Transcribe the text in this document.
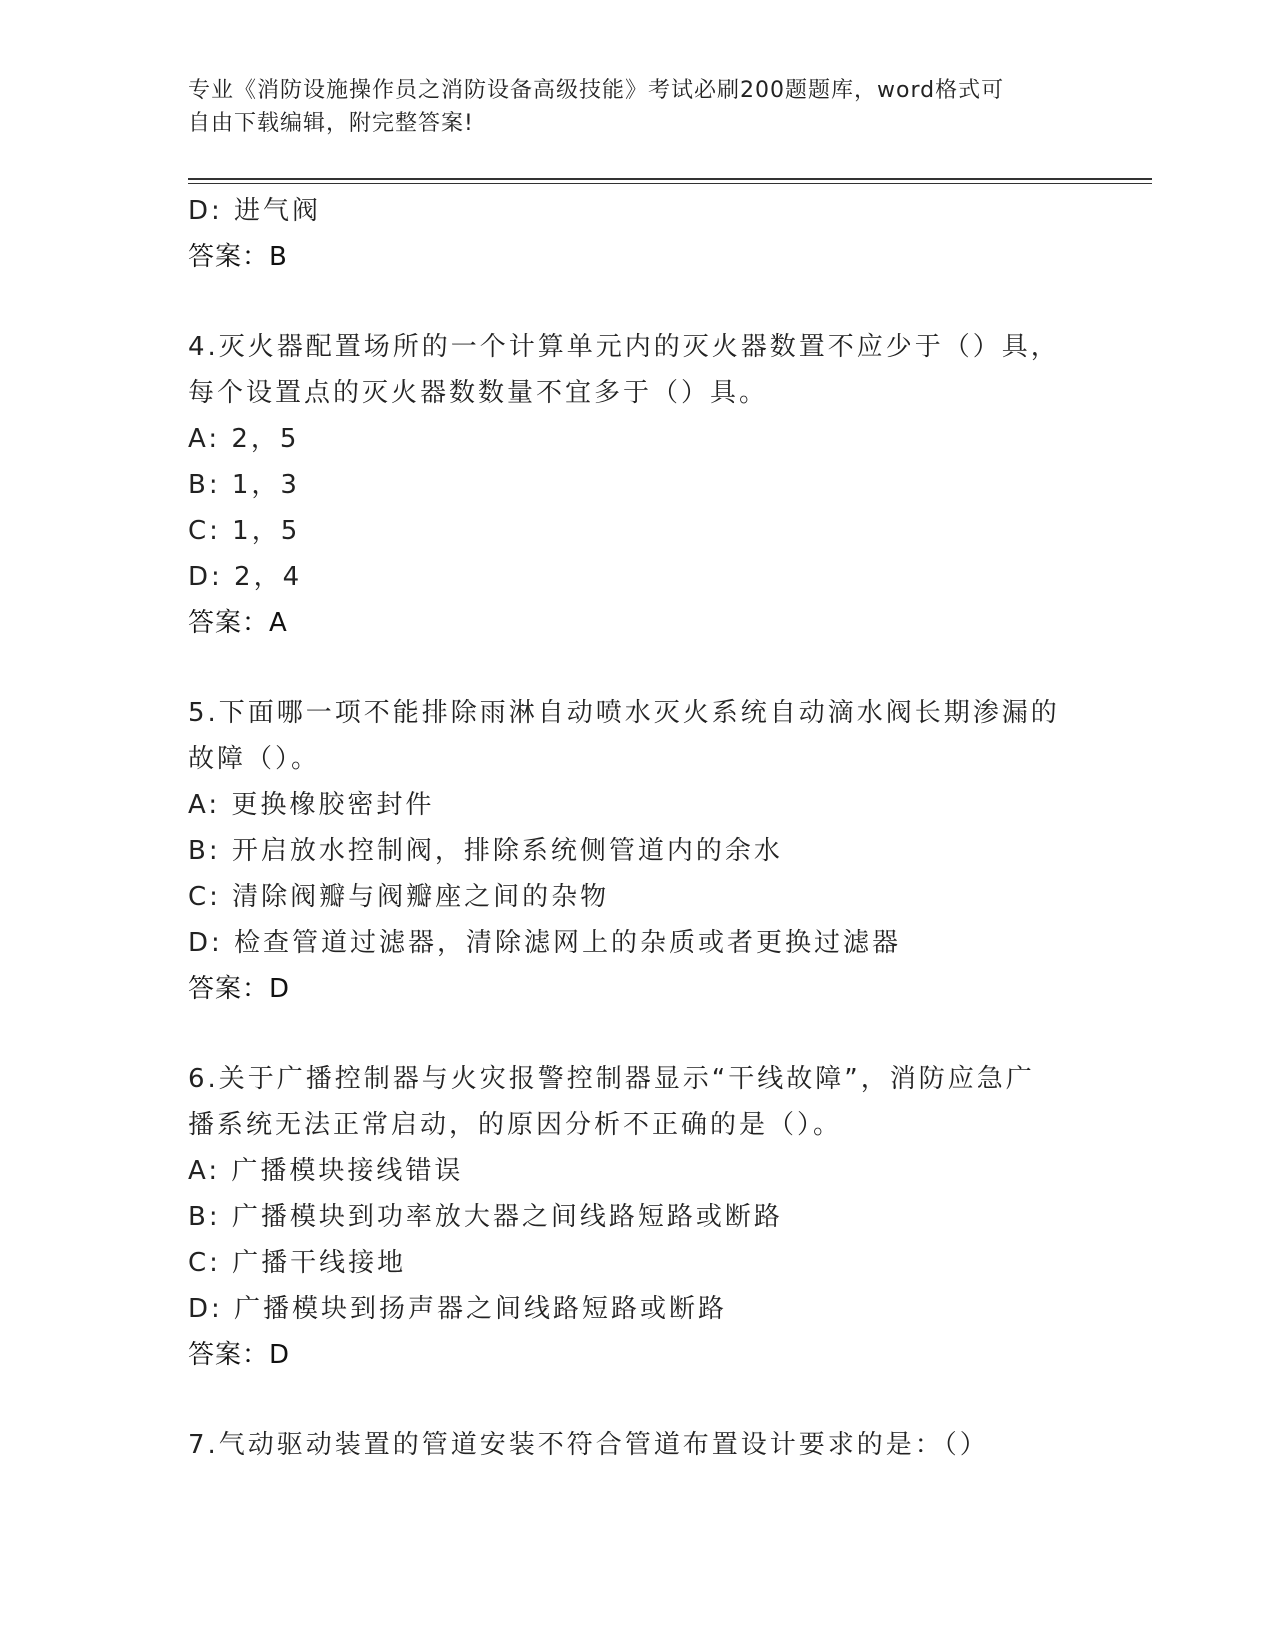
专业《消防设施操作员之消防设备高级技能》考试必刷200题题库，word格式可
自由下载编辑，附完整答案!
D: 进气阀
答案：B
4.灭火器配置场所的一个计算单元内的灭火器数置不应少于（）具，
每个设置点的灭火器数数量不宜多于（）具。
A: 2，5
B: 1，3
C: 1，5
D: 2，4
答案：A
5.下面哪一项不能排除雨淋自动喷水灭火系统自动滴水阀长期渗漏的
故障（）。
A: 更换橡胶密封件
B: 开启放水控制阀，排除系统侧管道内的余水
C: 清除阀瓣与阀瓣座之间的杂物
D: 检查管道过滤器，清除滤网上的杂质或者更换过滤器
答案：D
6.关于广播控制器与火灾报警控制器显示“干线故障”，消防应急广
播系统无法正常启动，的原因分析不正确的是（）。
A: 广播模块接线错误
B: 广播模块到功率放大器之间线路短路或断路
C: 广播干线接地
D: 广播模块到扬声器之间线路短路或断路
答案：D
7.气动驱动装置的管道安装不符合管道布置设计要求的是：（）
